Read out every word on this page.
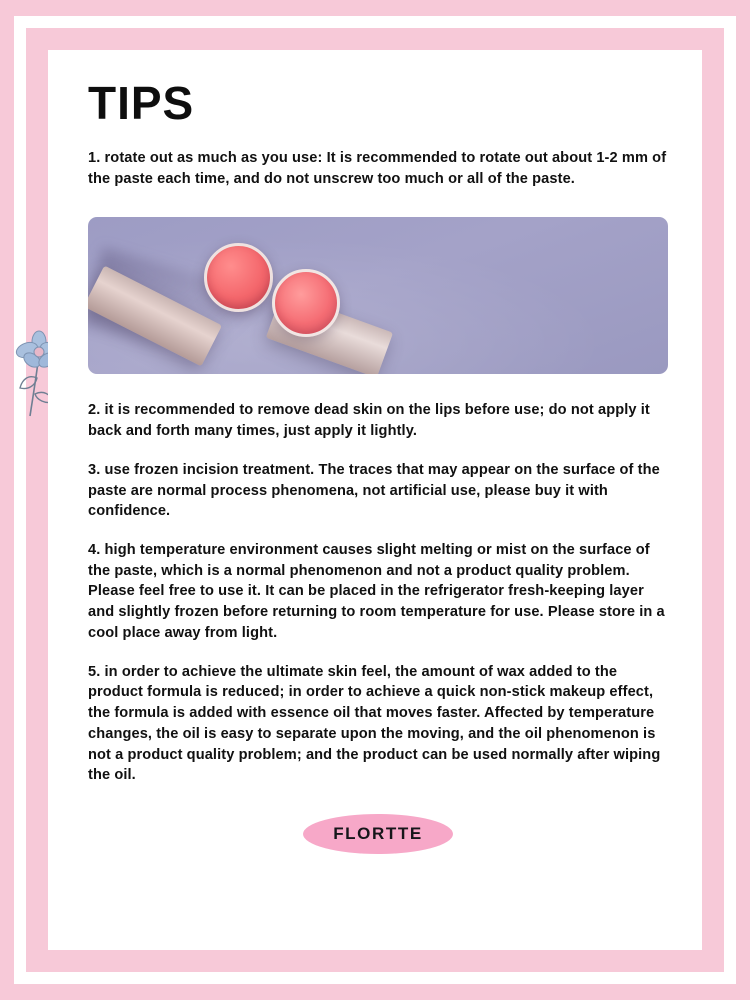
TIPS

1. rotate out as much as you use: It is recommended to rotate out about 1-2 mm of the paste each time, and do not unscrew too much or all of the paste.

2. it is recommended to remove dead skin on the lips before use; do not apply it back and forth many times, just apply it lightly.

3. use frozen incision treatment. The traces that may appear on the surface of the paste are normal process phenomena, not artificial use, please buy it with confidence.

4. high temperature environment causes slight melting or mist on the surface of the paste, which is a normal phenomenon and not a product quality problem. Please feel free to use it. It can be placed in the refrigerator fresh-keeping layer and slightly frozen before returning to room temperature for use. Please store in a cool place away from light.

5. in order to achieve the ultimate skin feel, the amount of wax added to the product formula is reduced; in order to achieve a quick non-stick makeup effect, the formula is added with essence oil that moves faster. Affected by temperature changes, the oil is easy to separate upon the moving, and the oil phenomenon is not a product quality problem; and the product can be used normally after wiping the oil.

FLORTTE
